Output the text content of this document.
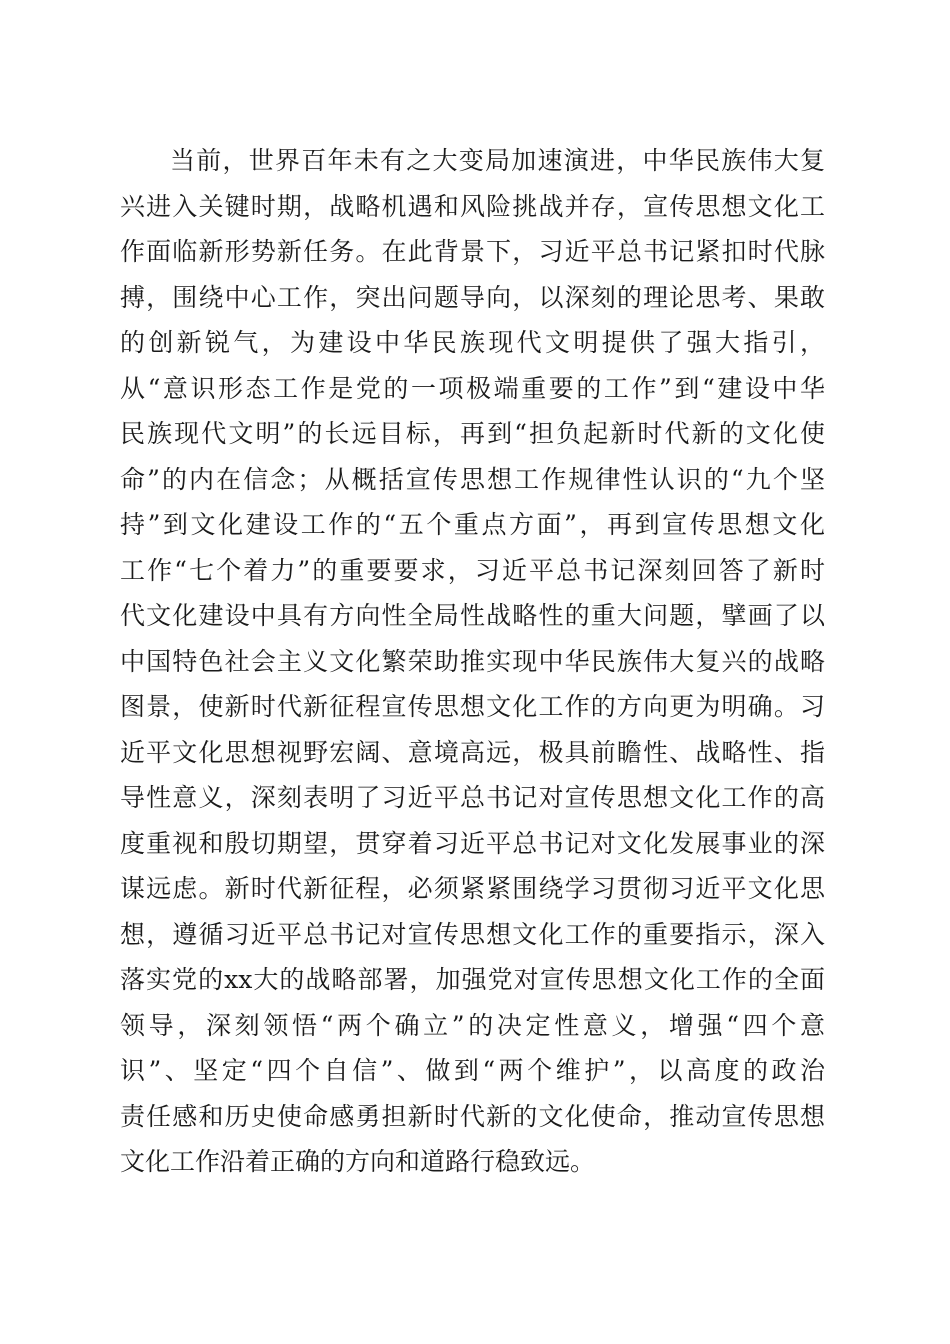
当前，世界百年未有之大变局加速演进，中华民族伟大复
兴进入关键时期，战略机遇和风险挑战并存，宣传思想文化工
作面临新形势新任务。在此背景下，习近平总书记紧扣时代脉
搏，围绕中心工作，突出问题导向，以深刻的理论思考、果敢
的创新锐气，为建设中华民族现代文明提供了强大指引，
从“意识形态工作是党的一项极端重要的工作”到“建设中华
民族现代文明”的长远目标，再到“担负起新时代新的文化使
命”的内在信念；从概括宣传思想工作规律性认识的“九个坚
持”到文化建设工作的“五个重点方面”，再到宣传思想文化
工作“七个着力”的重要要求，习近平总书记深刻回答了新时
代文化建设中具有方向性全局性战略性的重大问题，擘画了以
中国特色社会主义文化繁荣助推实现中华民族伟大复兴的战略
图景，使新时代新征程宣传思想文化工作的方向更为明确。习
近平文化思想视野宏阔、意境高远，极具前瞻性、战略性、指
导性意义，深刻表明了习近平总书记对宣传思想文化工作的高
度重视和殷切期望，贯穿着习近平总书记对文化发展事业的深
谋远虑。新时代新征程，必须紧紧围绕学习贯彻习近平文化思
想，遵循习近平总书记对宣传思想文化工作的重要指示，深入
落实党的xx大的战略部署，加强党对宣传思想文化工作的全面
领导，深刻领悟“两个确立”的决定性意义，增强“四个意
识”、坚定“四个自信”、做到“两个维护”，以高度的政治
责任感和历史使命感勇担新时代新的文化使命，推动宣传思想
文化工作沿着正确的方向和道路行稳致远。
